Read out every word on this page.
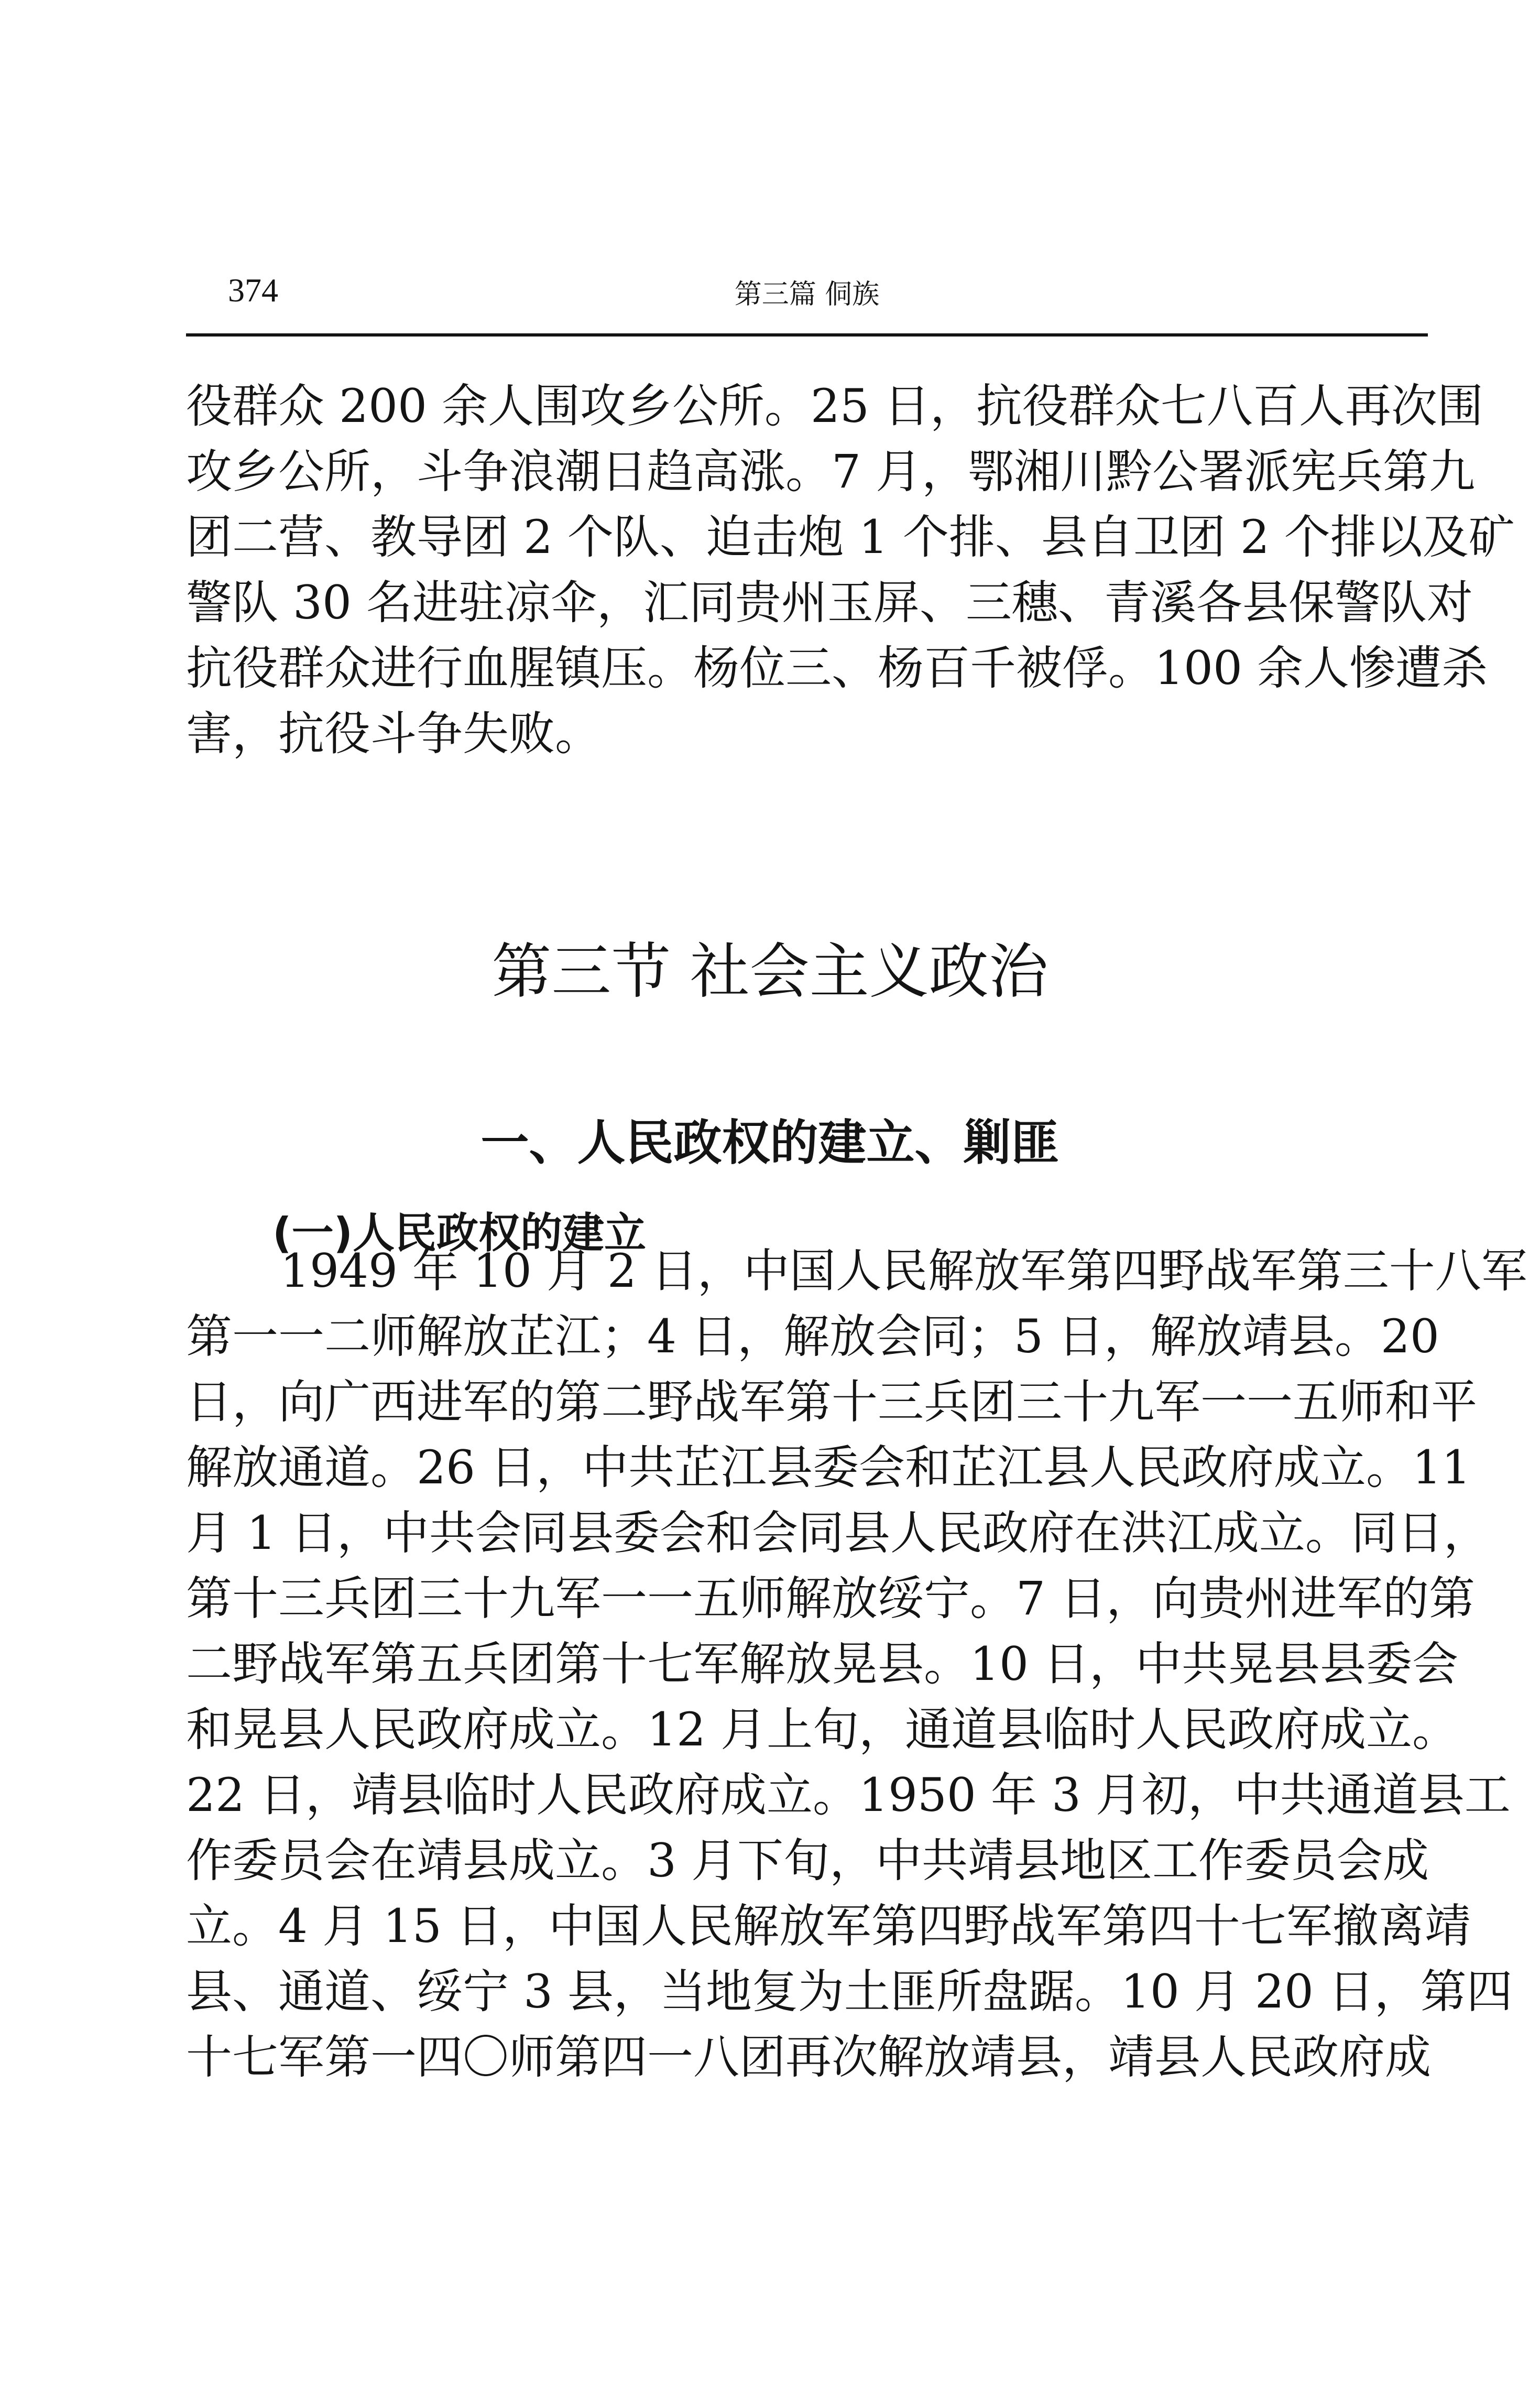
374	第三篇 侗族
役群众 200 余人围攻乡公所。25 日，抗役群众七八百人再次围
攻乡公所，斗争浪潮日趋高涨。7 月，鄂湘川黔公署派宪兵第九
团二营、教导团 2 个队、迫击炮 1 个排、县自卫团 2 个排以及矿
警队 30 名进驻凉伞，汇同贵州玉屏、三穗、青溪各县保警队对
抗役群众进行血腥镇压。杨位三、杨百千被俘。100 余人惨遭杀
害，抗役斗争失败。
第三节 社会主义政治
一、人民政权的建立、剿匪
(一)人民政权的建立
1949 年 10 月 2 日，中国人民解放军第四野战军第三十八军
第一一二师解放芷江；4 日，解放会同；5 日，解放靖县。20
日，向广西进军的第二野战军第十三兵团三十九军一一五师和平
解放通道。26 日，中共芷江县委会和芷江县人民政府成立。11
月 1 日，中共会同县委会和会同县人民政府在洪江成立。同日，
第十三兵团三十九军一一五师解放绥宁。7 日，向贵州进军的第
二野战军第五兵团第十七军解放晃县。10 日，中共晃县县委会
和晃县人民政府成立。12 月上旬，通道县临时人民政府成立。
22 日，靖县临时人民政府成立。1950 年 3 月初，中共通道县工
作委员会在靖县成立。3 月下旬，中共靖县地区工作委员会成
立。4 月 15 日，中国人民解放军第四野战军第四十七军撤离靖
县、通道、绥宁 3 县，当地复为土匪所盘踞。10 月 20 日，第四
十七军第一四〇师第四一八团再次解放靖县，靖县人民政府成
